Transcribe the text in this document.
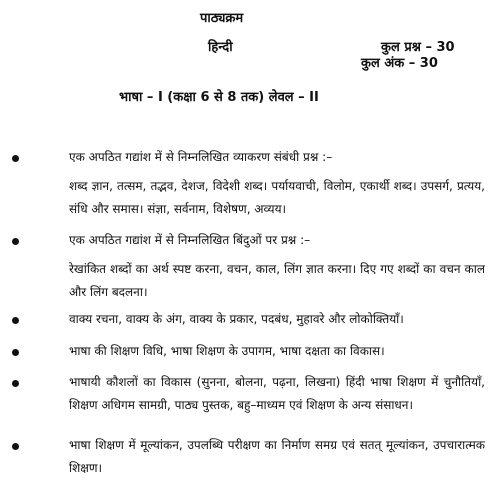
पाठ्यक्रम
हिन्दी	कुल प्रश्न – 30
कुल अंक – 30
भाषा – I (कक्षा 6 से 8 तक) लेवल – II
एक अपठित गद्यांश में से निम्नलिखित व्याकरण संबंधी प्रश्न :–
शब्द ज्ञान, तत्सम, तद्भव, देशज, विदेशी शब्द। पर्यायवाची, विलोम, एकार्थी शब्द। उपसर्ग, प्रत्यय, संधि और समास। संज्ञा, सर्वनाम, विशेषण, अव्यय।
एक अपठित गद्यांश में से निम्नलिखित बिंदुओं पर प्रश्न :–
रेखांकित शब्दों का अर्थ स्पष्ट करना, वचन, काल, लिंग ज्ञात करना। दिए गए शब्दों का वचन काल और लिंग बदलना।
वाक्य रचना, वाक्य के अंग, वाक्य के प्रकार, पदबंध, मुहावरे और लोकोक्तियाँ।
भाषा की शिक्षण विधि, भाषा शिक्षण के उपागम, भाषा दक्षता का विकास।
भाषायी कौशलों का विकास (सुनना, बोलना, पढ़ना, लिखना) हिंदी भाषा शिक्षण में चुनौतियाँ, शिक्षण अधिगम सामग्री, पाठ्य पुस्तक, बहु–माध्यम एवं शिक्षण के अन्य संसाधन।
भाषा शिक्षण में मूल्यांकन, उपलब्धि परीक्षण का निर्माण समग्र एवं सतत् मूल्यांकन, उपचारात्मक शिक्षण।
